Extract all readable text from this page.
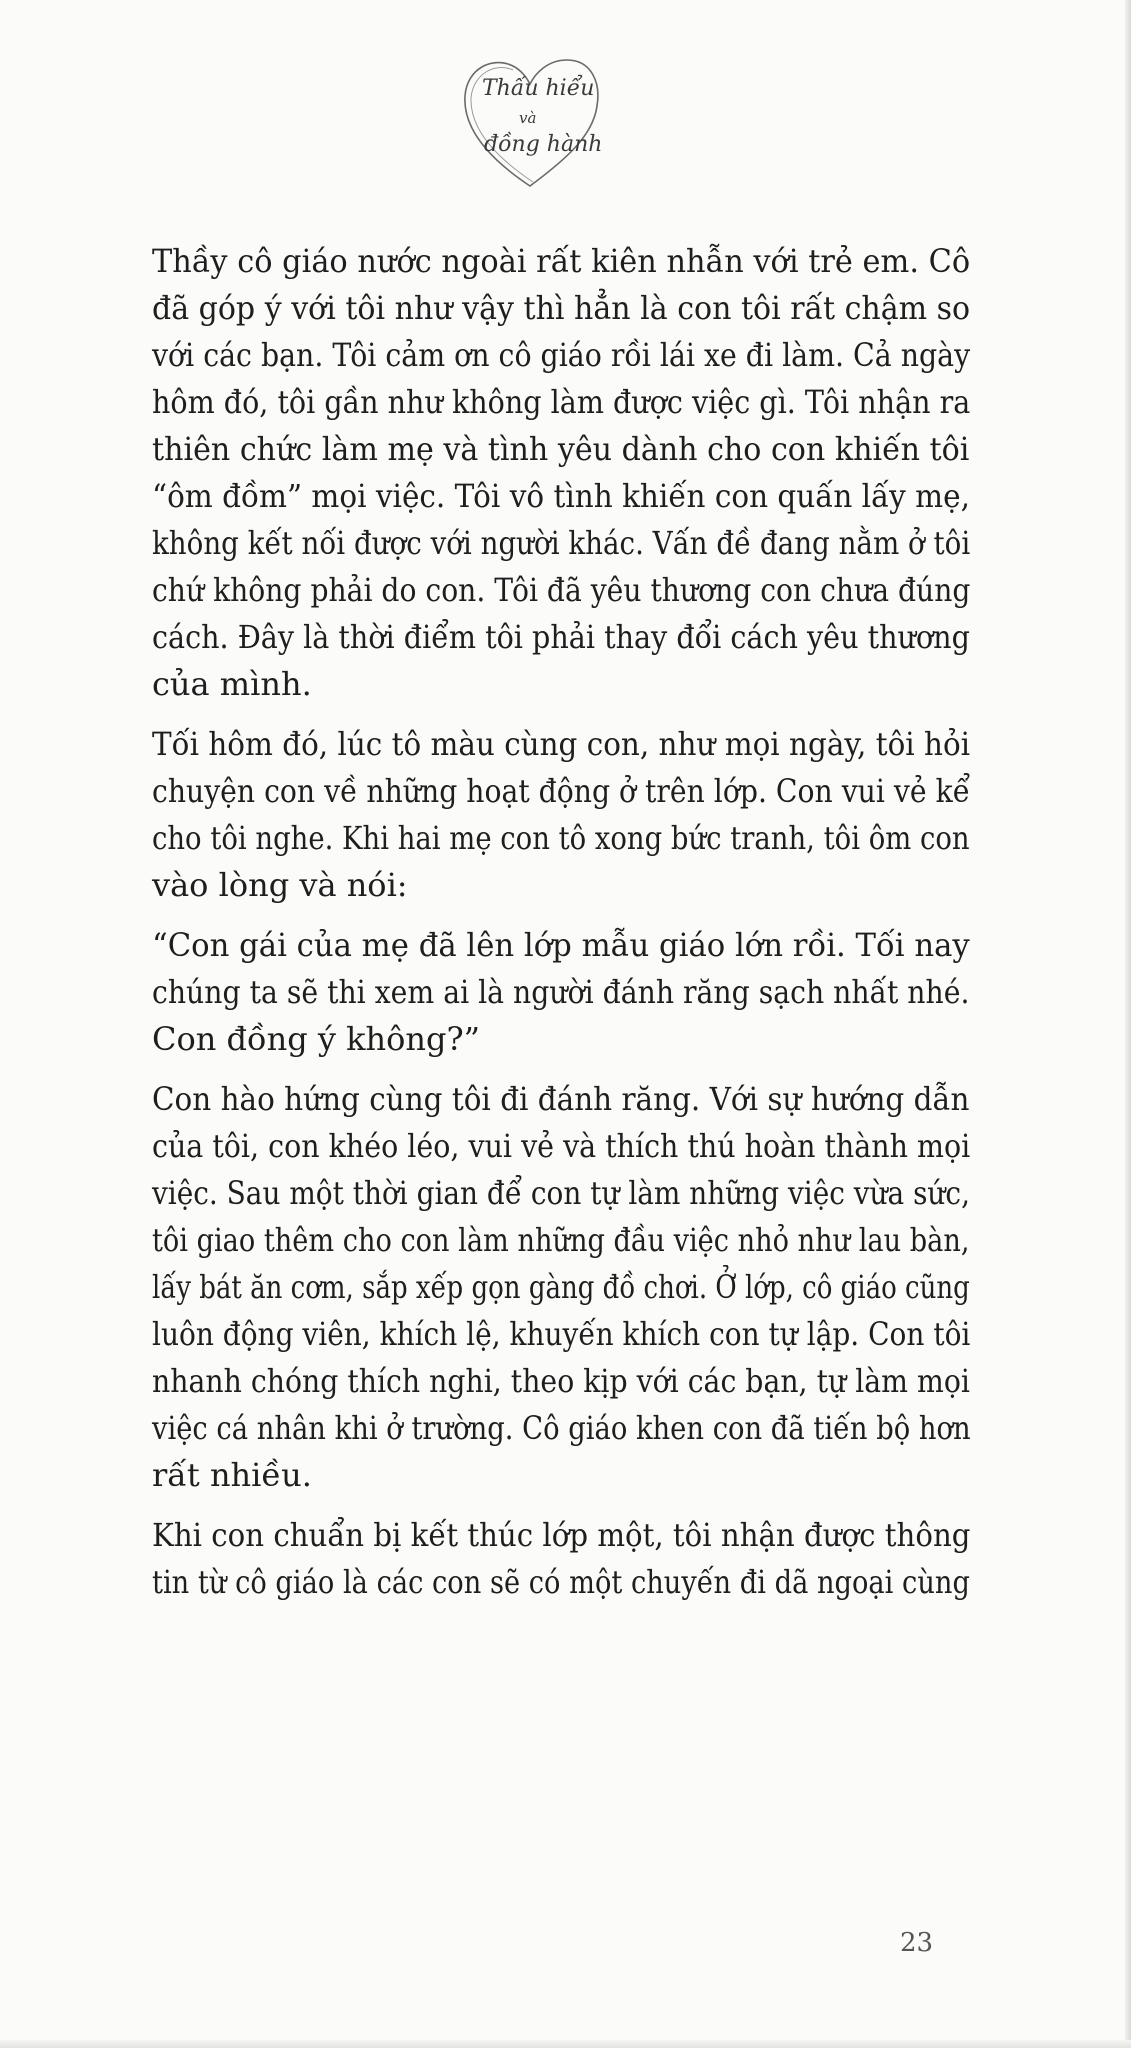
Thấu hiểu
và
đồng hành

Thầy cô giáo nước ngoài rất kiên nhẫn với trẻ em. Cô
đã góp ý với tôi như vậy thì hẳn là con tôi rất chậm so
với các bạn. Tôi cảm ơn cô giáo rồi lái xe đi làm. Cả ngày
hôm đó, tôi gần như không làm được việc gì. Tôi nhận ra
thiên chức làm mẹ và tình yêu dành cho con khiến tôi
“ôm đồm” mọi việc. Tôi vô tình khiến con quấn lấy mẹ,
không kết nối được với người khác. Vấn đề đang nằm ở tôi
chứ không phải do con. Tôi đã yêu thương con chưa đúng
cách. Đây là thời điểm tôi phải thay đổi cách yêu thương
của mình.

Tối hôm đó, lúc tô màu cùng con, như mọi ngày, tôi hỏi
chuyện con về những hoạt động ở trên lớp. Con vui vẻ kể
cho tôi nghe. Khi hai mẹ con tô xong bức tranh, tôi ôm con
vào lòng và nói:

“Con gái của mẹ đã lên lớp mẫu giáo lớn rồi. Tối nay
chúng ta sẽ thi xem ai là người đánh răng sạch nhất nhé.
Con đồng ý không?”

Con hào hứng cùng tôi đi đánh răng. Với sự hướng dẫn
của tôi, con khéo léo, vui vẻ và thích thú hoàn thành mọi
việc. Sau một thời gian để con tự làm những việc vừa sức,
tôi giao thêm cho con làm những đầu việc nhỏ như lau bàn,
lấy bát ăn cơm, sắp xếp gọn gàng đồ chơi. Ở lớp, cô giáo cũng
luôn động viên, khích lệ, khuyến khích con tự lập. Con tôi
nhanh chóng thích nghi, theo kịp với các bạn, tự làm mọi
việc cá nhân khi ở trường. Cô giáo khen con đã tiến bộ hơn
rất nhiều.

Khi con chuẩn bị kết thúc lớp một, tôi nhận được thông
tin từ cô giáo là các con sẽ có một chuyến đi dã ngoại cùng

23
